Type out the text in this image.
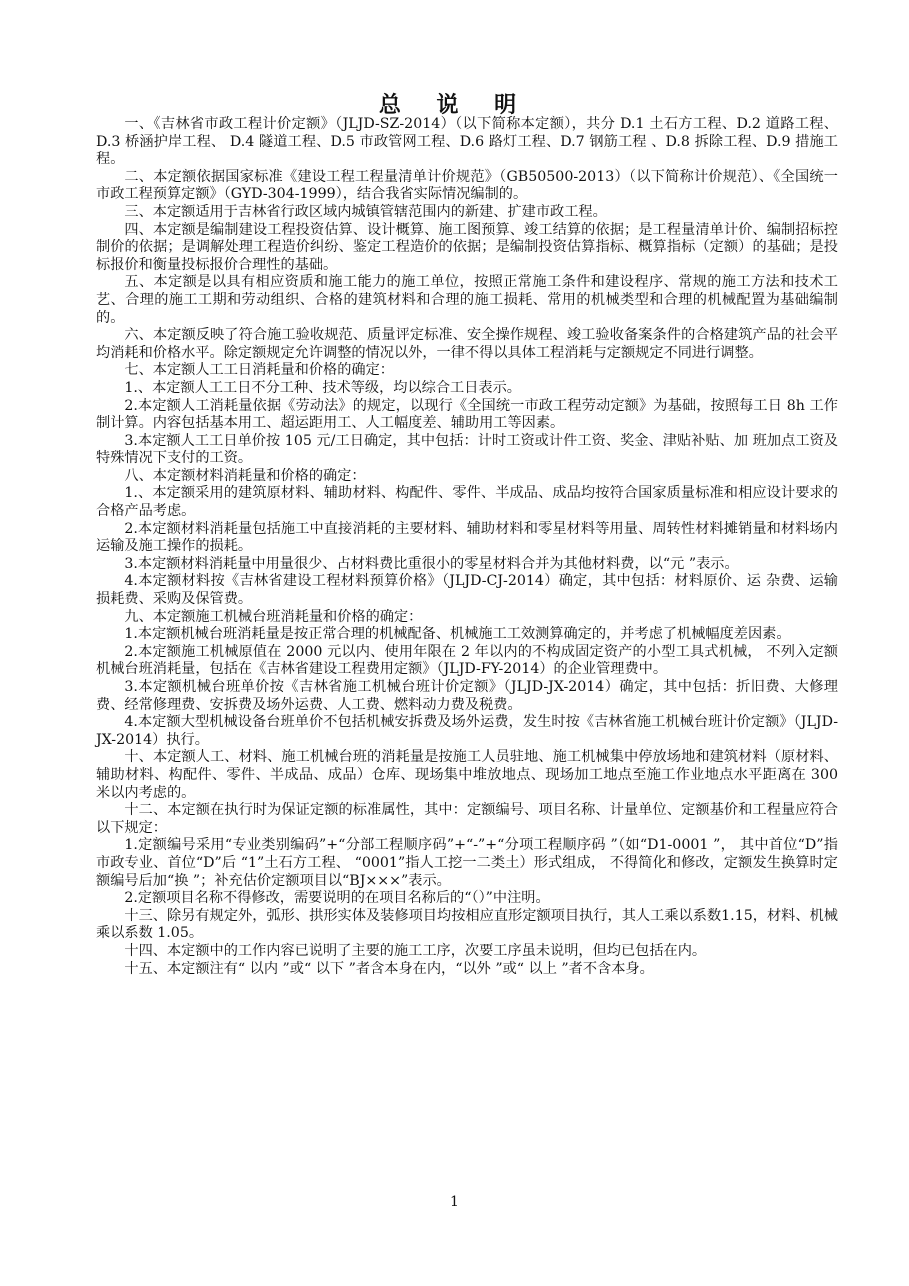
总 说 明

一、《吉林省市政工程计价定额》（JLJD-SZ-2014）（以下简称本定额），共分 D.1 土石方工程、D.2 道路工程、D.3 桥涵护岸工程、 D.4 隧道工程、D.5 市政管网工程、D.6 路灯工程、D.7 钢筋工程 、D.8 拆除工程、D.9 措施工程。

二、本定额依据国家标准《建设工程工程量清单计价规范》（GB50500-2013）（以下简称计价规范）、《全国统一市政工程预算定额》（GYD-304-1999），结合我省实际情况编制的。

三、本定额适用于吉林省行政区域内城镇管辖范围内的新建、扩建市政工程。

四、本定额是编制建设工程投资估算、设计概算、施工图预算、竣工结算的依据；是工程量清单计价、编制招标控制价的依据；是调解处理工程造价纠纷、鉴定工程造价的依据；是编制投资估算指标、概算指标（定额）的基础；是投标报价和衡量投标报价合理性的基础。

五、本定额是以具有相应资质和施工能力的施工单位，按照正常施工条件和建设程序、常规的施工方法和技术工艺、合理的施工工期和劳动组织、合格的建筑材料和合理的施工损耗、常用的机械类型和合理的机械配置为基础编制的。

六、本定额反映了符合施工验收规范、质量评定标准、安全操作规程、竣工验收备案条件的合格建筑产品的社会平均消耗和价格水平。除定额规定允许调整的情况以外，一律不得以具体工程消耗与定额规定不同进行调整。

七、本定额人工工日消耗量和价格的确定：

1.、本定额人工工日不分工种、技术等级，均以综合工日表示。

2.本定额人工消耗量依据《劳动法》的规定，以现行《全国统一市政工程劳动定额》为基础，按照每工日 8h 工作制计算。内容包括基本用工、超运距用工、人工幅度差、辅助用工等因素。

3.本定额人工工日单价按 105 元/工日确定，其中包括：计时工资或计件工资、奖金、津贴补贴、加 班加点工资及特殊情况下支付的工资。

八、本定额材料消耗量和价格的确定：

1.、本定额采用的建筑原材料、辅助材料、构配件、零件、半成品、成品均按符合国家质量标准和相应设计要求的合格产品考虑。

2.本定额材料消耗量包括施工中直接消耗的主要材料、辅助材料和零星材料等用量、周转性材料摊销量和材料场内运输及施工操作的损耗。

3.本定额材料消耗量中用量很少、占材料费比重很小的零星材料合并为其他材料费，以“元 ”表示。

4.本定额材料按《吉林省建设工程材料预算价格》（JLJD-CJ-2014）确定，其中包括：材料原价、运 杂费、运输损耗费、采购及保管费。

九、本定额施工机械台班消耗量和价格的确定：

1.本定额机械台班消耗量是按正常合理的机械配备、机械施工工效测算确定的，并考虑了机械幅度差因素。

2.本定额施工机械原值在 2000 元以内、使用年限在 2 年以内的不构成固定资产的小型工具式机械， 不列入定额机械台班消耗量，包括在《吉林省建设工程费用定额》（JLJD-FY-2014）的企业管理费中。

3.本定额机械台班单价按《吉林省施工机械台班计价定额》（JLJD-JX-2014）确定，其中包括：折旧费、大修理费、经常修理费、安拆费及场外运费、人工费、燃料动力费及税费。

4.本定额大型机械设备台班单价不包括机械安拆费及场外运费，发生时按《吉林省施工机械台班计价定额》（JLJD-JX-2014）执行。

十、本定额人工、材料、施工机械台班的消耗量是按施工人员驻地、施工机械集中停放场地和建筑材料（原材料、辅助材料、构配件、零件、半成品、成品）仓库、现场集中堆放地点、现场加工地点至施工作业地点水平距离在 300 米以内考虑的。

十二、本定额在执行时为保证定额的标准属性，其中：定额编号、项目名称、计量单位、定额基价和工程量应符合以下规定：

1.定额编号采用“专业类别编码”+“分部工程顺序码”+“-”+“分项工程顺序码 ”（如“D1-0001 ”， 其中首位“D”指市政专业、首位“D”后 “1”土石方工程、 “0001”指人工挖一二类土）形式组成， 不得简化和修改，定额发生换算时定额编号后加“换 ”；补充估价定额项目以“BJ×××”表示。

2.定额项目名称不得修改，需要说明的在项目名称后的“（）”中注明。

十三、除另有规定外，弧形、拱形实体及装修项目均按相应直形定额项目执行，其人工乘以系数1.15，材料、机械乘以系数 1.05。

十四、本定额中的工作内容已说明了主要的施工工序，次要工序虽未说明，但均已包括在内。

十五、本定额注有“ 以内 ”或“ 以下 ”者含本身在内，“以外 ”或“ 以上 ”者不含本身。

1
